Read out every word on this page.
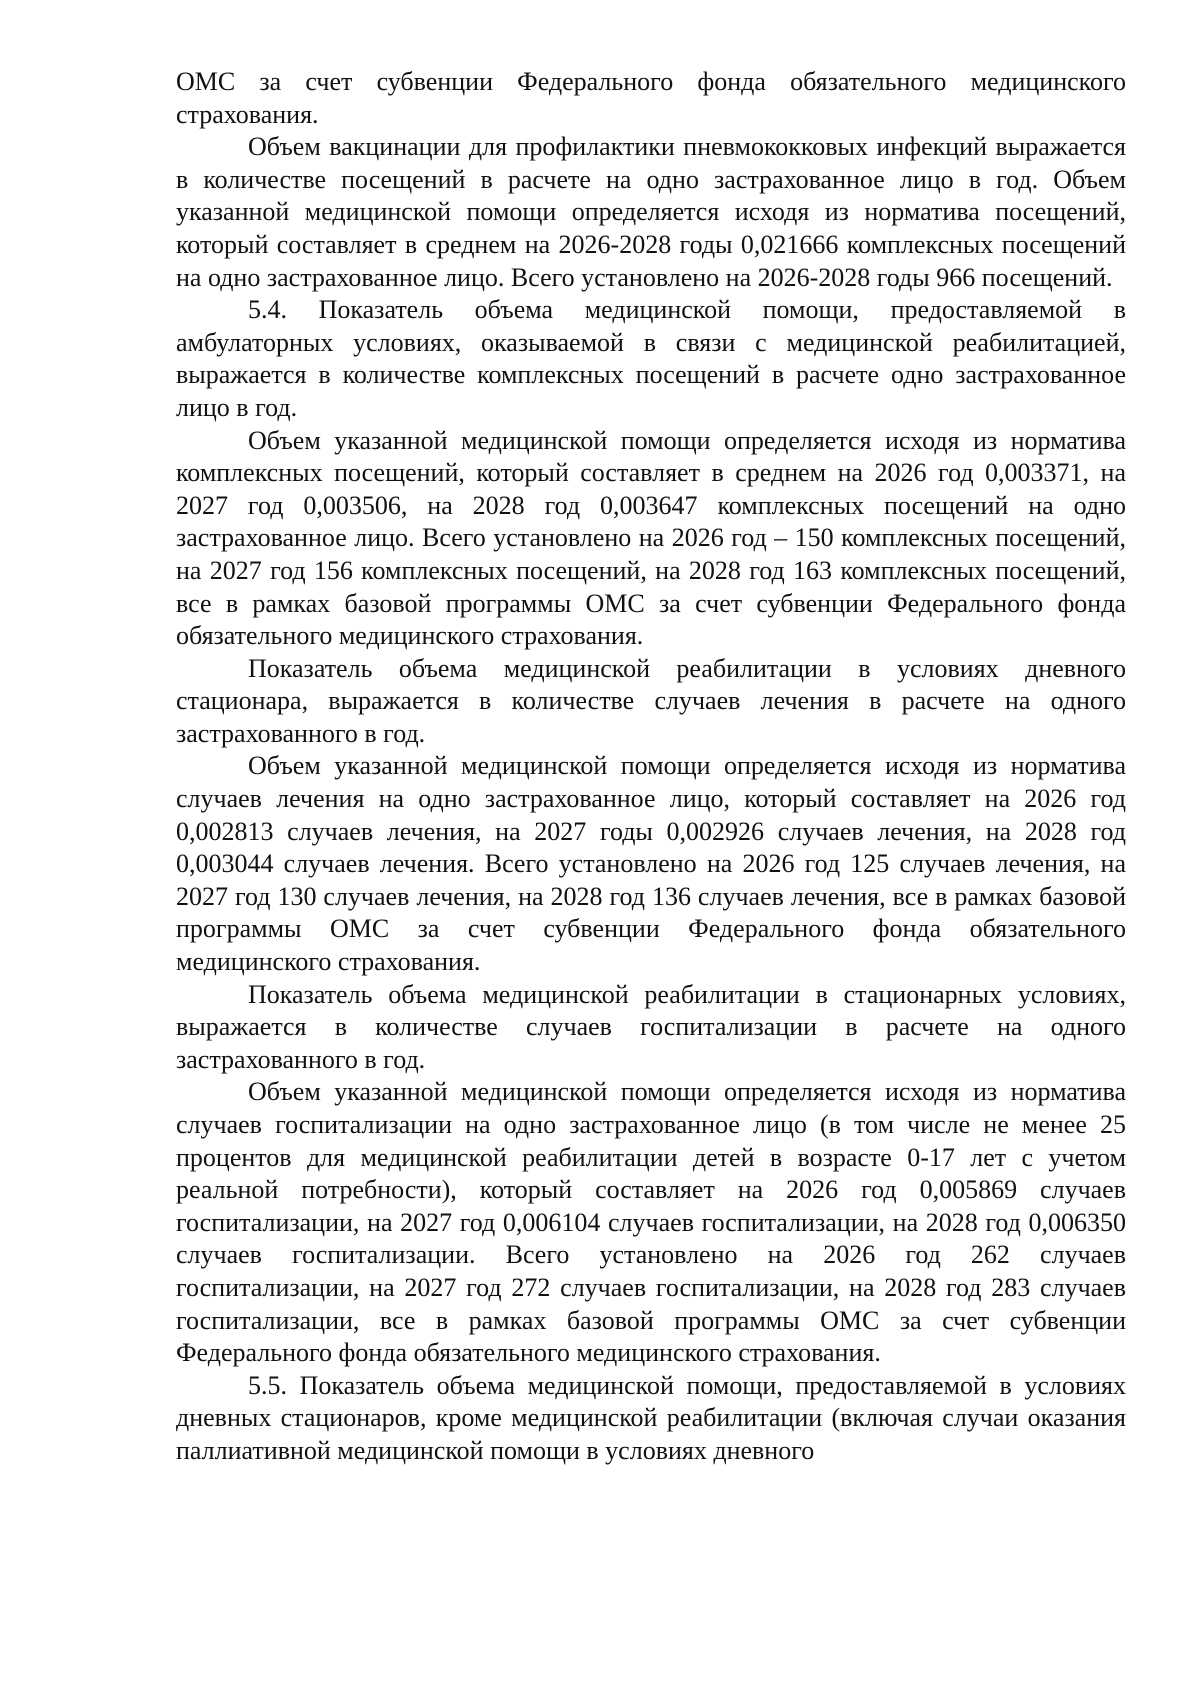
ОМС за счет субвенции Федерального фонда обязательного медицинского страхования.

Объем вакцинации для профилактики пневмококковых инфекций выражается в количестве посещений в расчете на одно застрахованное лицо в год. Объем указанной медицинской помощи определяется исходя из норматива посещений, который составляет в среднем на 2026-2028 годы 0,021666 комплексных посещений на одно застрахованное лицо. Всего установлено на 2026-2028 годы 966 посещений.

5.4. Показатель объема медицинской помощи, предоставляемой в амбулаторных условиях, оказываемой в связи с медицинской реабилитацией, выражается в количестве комплексных посещений в расчете одно застрахованное лицо в год.

Объем указанной медицинской помощи определяется исходя из норматива комплексных посещений, который составляет в среднем на 2026 год 0,003371, на 2027 год 0,003506, на 2028 год 0,003647 комплексных посещений на одно застрахованное лицо. Всего установлено на 2026 год – 150 комплексных посещений, на 2027 год 156 комплексных посещений, на 2028 год 163 комплексных посещений, все в рамках базовой программы ОМС за счет субвенции Федерального фонда обязательного медицинского страхования.

Показатель объема медицинской реабилитации в условиях дневного стационара, выражается в количестве случаев лечения в расчете на одного застрахованного в год.

Объем указанной медицинской помощи определяется исходя из норматива случаев лечения на одно застрахованное лицо, который составляет на 2026 год 0,002813 случаев лечения, на 2027 годы 0,002926 случаев лечения, на 2028 год 0,003044 случаев лечения. Всего установлено на 2026 год 125 случаев лечения, на 2027 год 130 случаев лечения, на 2028 год 136 случаев лечения, все в рамках базовой программы ОМС за счет субвенции Федерального фонда обязательного медицинского страхования.

Показатель объема медицинской реабилитации в стационарных условиях, выражается в количестве случаев госпитализации в расчете на одного застрахованного в год.

Объем указанной медицинской помощи определяется исходя из норматива случаев госпитализации на одно застрахованное лицо (в том числе не менее 25 процентов для медицинской реабилитации детей в возрасте 0-17 лет с учетом реальной потребности), который составляет на 2026 год 0,005869 случаев госпитализации, на 2027 год 0,006104 случаев госпитализации, на 2028 год 0,006350 случаев госпитализации. Всего установлено на 2026 год 262 случаев госпитализации, на 2027 год 272 случаев госпитализации, на 2028 год 283 случаев госпитализации, все в рамках базовой программы ОМС за счет субвенции Федерального фонда обязательного медицинского страхования.

5.5. Показатель объема медицинской помощи, предоставляемой в условиях дневных стационаров, кроме медицинской реабилитации (включая случаи оказания паллиативной медицинской помощи в условиях дневного
